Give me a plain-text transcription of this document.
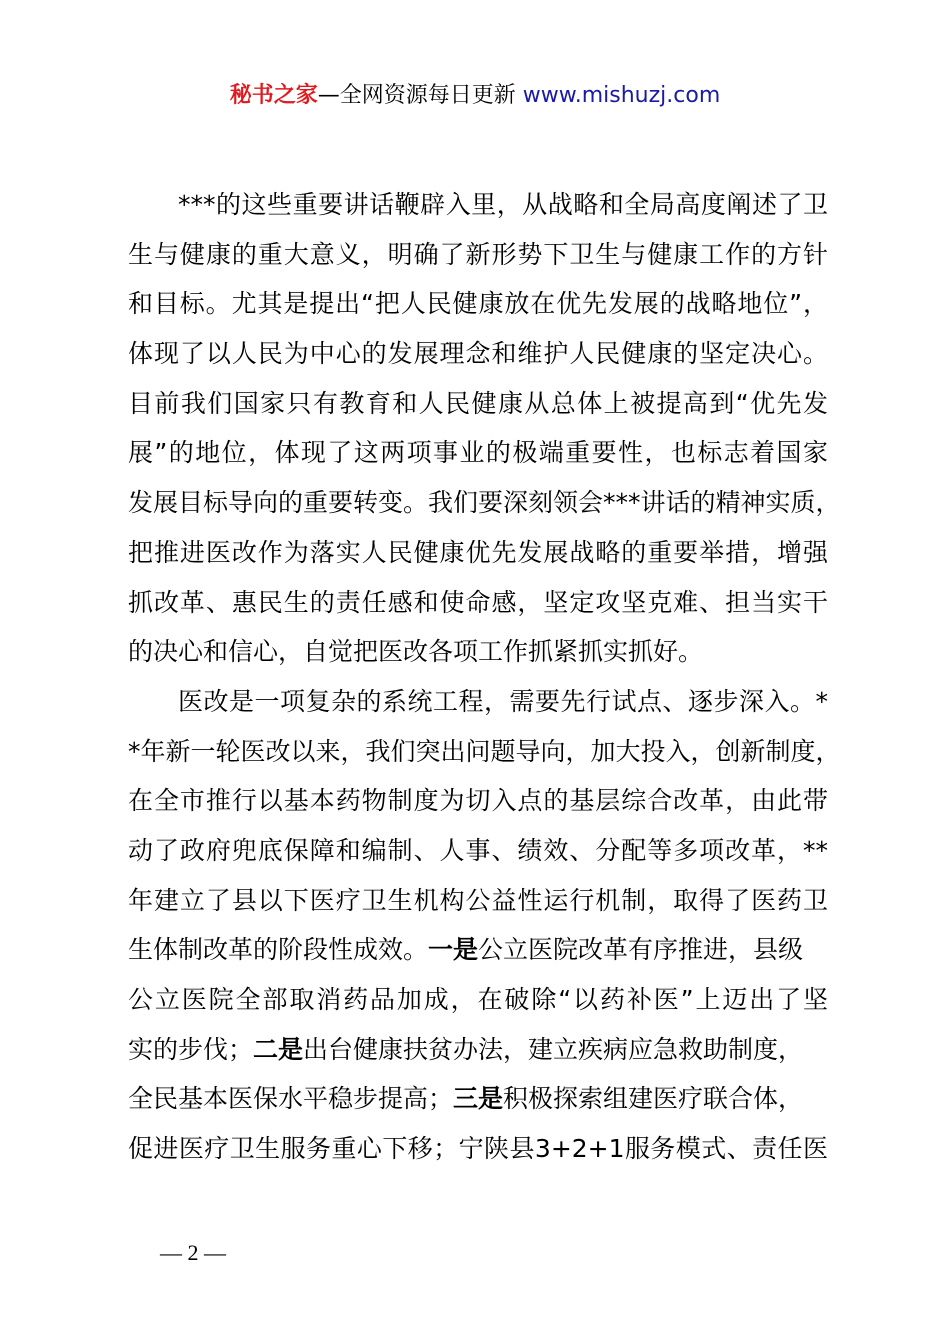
秘书之家—全网资源每日更新 www.mishuzj.com
***的这些重要讲话鞭辟入里，从战略和全局高度阐述了卫
生与健康的重大意义，明确了新形势下卫生与健康工作的方针
和目标。尤其是提出“把人民健康放在优先发展的战略地位”，
体现了以人民为中心的发展理念和维护人民健康的坚定决心。
目前我们国家只有教育和人民健康从总体上被提高到“优先发
展”的地位，体现了这两项事业的极端重要性，也标志着国家
发展目标导向的重要转变。我们要深刻领会***讲话的精神实质，
把推进医改作为落实人民健康优先发展战略的重要举措，增强
抓改革、惠民生的责任感和使命感，坚定攻坚克难、担当实干
的决心和信心，自觉把医改各项工作抓紧抓实抓好。
医改是一项复杂的系统工程，需要先行试点、逐步深入。*
*年新一轮医改以来，我们突出问题导向，加大投入，创新制度，
在全市推行以基本药物制度为切入点的基层综合改革，由此带
动了政府兜底保障和编制、人事、绩效、分配等多项改革，**
年建立了县以下医疗卫生机构公益性运行机制，取得了医药卫
生体制改革的阶段性成效。一是公立医院改革有序推进，县级
公立医院全部取消药品加成，在破除“以药补医”上迈出了坚
实的步伐；二是出台健康扶贫办法，建立疾病应急救助制度，
全民基本医保水平稳步提高；三是积极探索组建医疗联合体，
促进医疗卫生服务重心下移；宁陕县3+2+1服务模式、责任医
— 2 —
